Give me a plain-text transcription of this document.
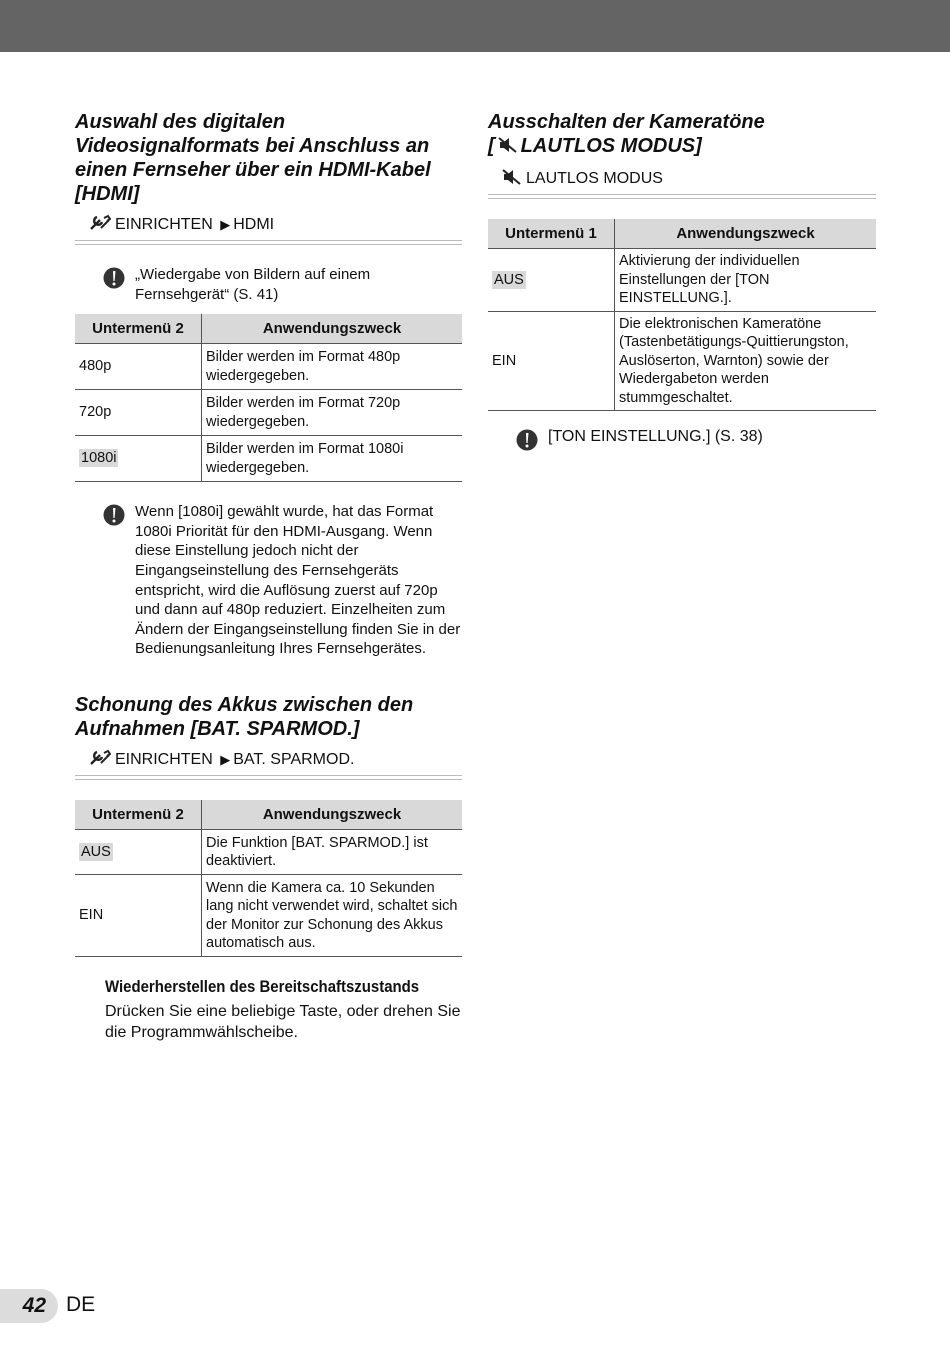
Auswahl des digitalen Videosignalformats bei Anschluss an einen Fernseher über ein HDMI-Kabel [HDMI]
EINRICHTEN ▶ HDMI
„Wiedergabe von Bildern auf einem Fernsehgerät“ (S. 41)
Untermenü 2	Anwendungszweck
480p	Bilder werden im Format 480p wiedergegeben.
720p	Bilder werden im Format 720p wiedergegeben.
1080i	Bilder werden im Format 1080i wiedergegeben.
Wenn [1080i] gewählt wurde, hat das Format 1080i Priorität für den HDMI-Ausgang. Wenn diese Einstellung jedoch nicht der Eingangseinstellung des Fernsehgeräts entspricht, wird die Auflösung zuerst auf 720p und dann auf 480p reduziert. Einzelheiten zum Ändern der Eingangseinstellung finden Sie in der Bedienungsanleitung Ihres Fernsehgerätes.
Schonung des Akkus zwischen den Aufnahmen [BAT. SPARMOD.]
EINRICHTEN ▶ BAT. SPARMOD.
Untermenü 2	Anwendungszweck
AUS	Die Funktion [BAT. SPARMOD.] ist deaktiviert.
EIN	Wenn die Kamera ca. 10 Sekunden lang nicht verwendet wird, schaltet sich der Monitor zur Schonung des Akkus automatisch aus.
Wiederherstellen des Bereitschaftszustands
Drücken Sie eine beliebige Taste, oder drehen Sie die Programmwählscheibe.
Ausschalten der Kameratöne
[ LAUTLOS MODUS]
LAUTLOS MODUS
Untermenü 1	Anwendungszweck
AUS	Aktivierung der individuellen Einstellungen der [TON EINSTELLUNG.].
EIN	Die elektronischen Kameratöne (Tastenbetätigungs-Quittierungston, Auslöserton, Warnton) sowie der Wiedergabeton werden stummgeschaltet.
[TON EINSTELLUNG.] (S. 38)
42 DE
